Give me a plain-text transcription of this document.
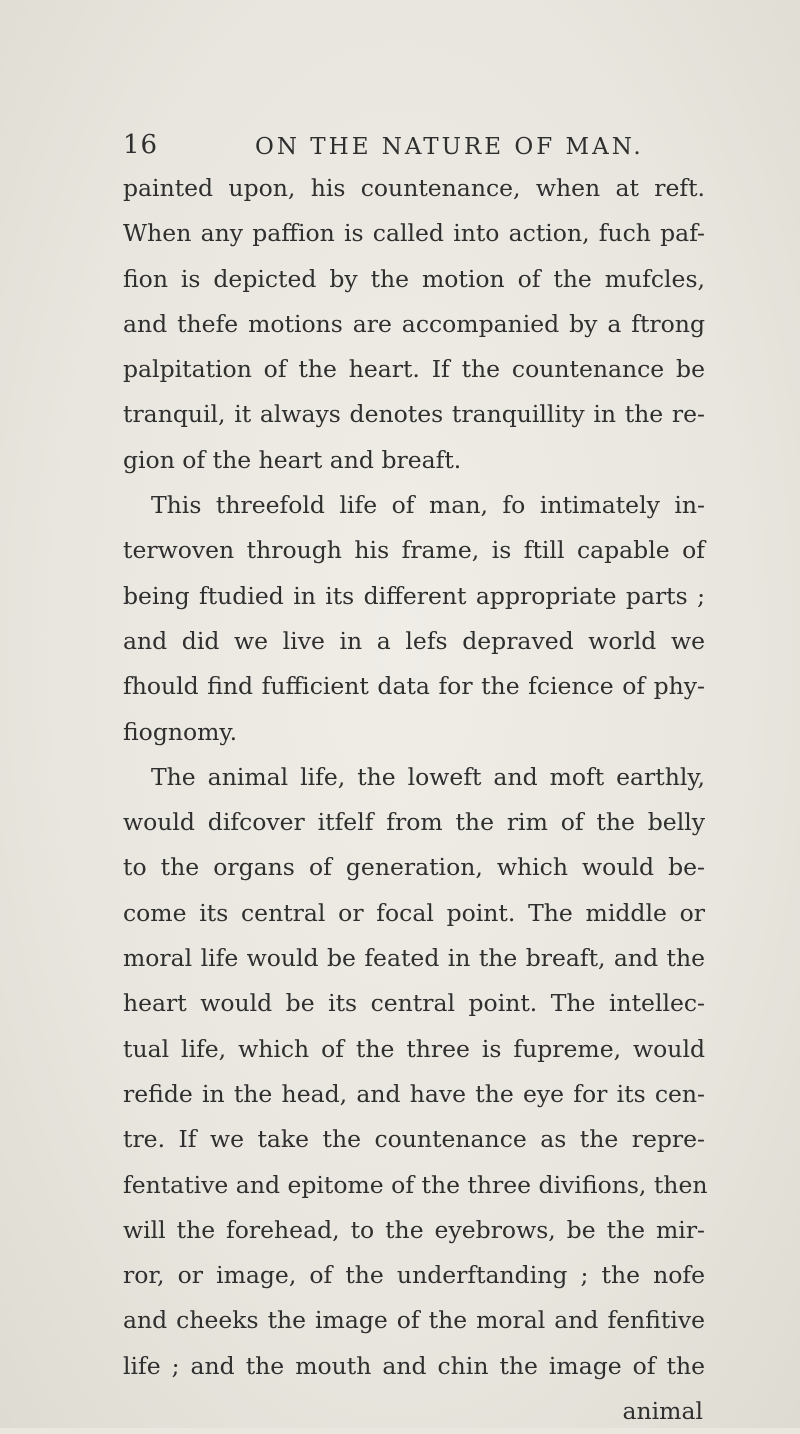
16	ON THE NATURE OF MAN.
painted upon, his countenance, when at reft.
When any paffion is called into action, fuch paf-
fion is depicted by the motion of the mufcles,
and thefe motions are accompanied by a ftrong
palpitation of the heart. If the countenance be
tranquil, it always denotes tranquillity in the re-
gion of the heart and breaft.
This threefold life of man, fo intimately in-
terwoven through his frame, is ftill capable of
being ftudied in its different appropriate parts ;
and did we live in a lefs depraved world we
fhould find fufficient data for the fcience of phy-
fiognomy.
The animal life, the loweft and moft earthly,
would difcover itfelf from the rim of the belly
to the organs of generation, which would be-
come its central or focal point. The middle or
moral life would be feated in the breaft, and the
heart would be its central point. The intellec-
tual life, which of the three is fupreme, would
refide in the head, and have the eye for its cen-
tre. If we take the countenance as the repre-
fentative and epitome of the three divifions, then
will the forehead, to the eyebrows, be the mir-
ror, or image, of the underftanding ; the nofe
and cheeks the image of the moral and fenfitive
life ; and the mouth and chin the image of the
animal
